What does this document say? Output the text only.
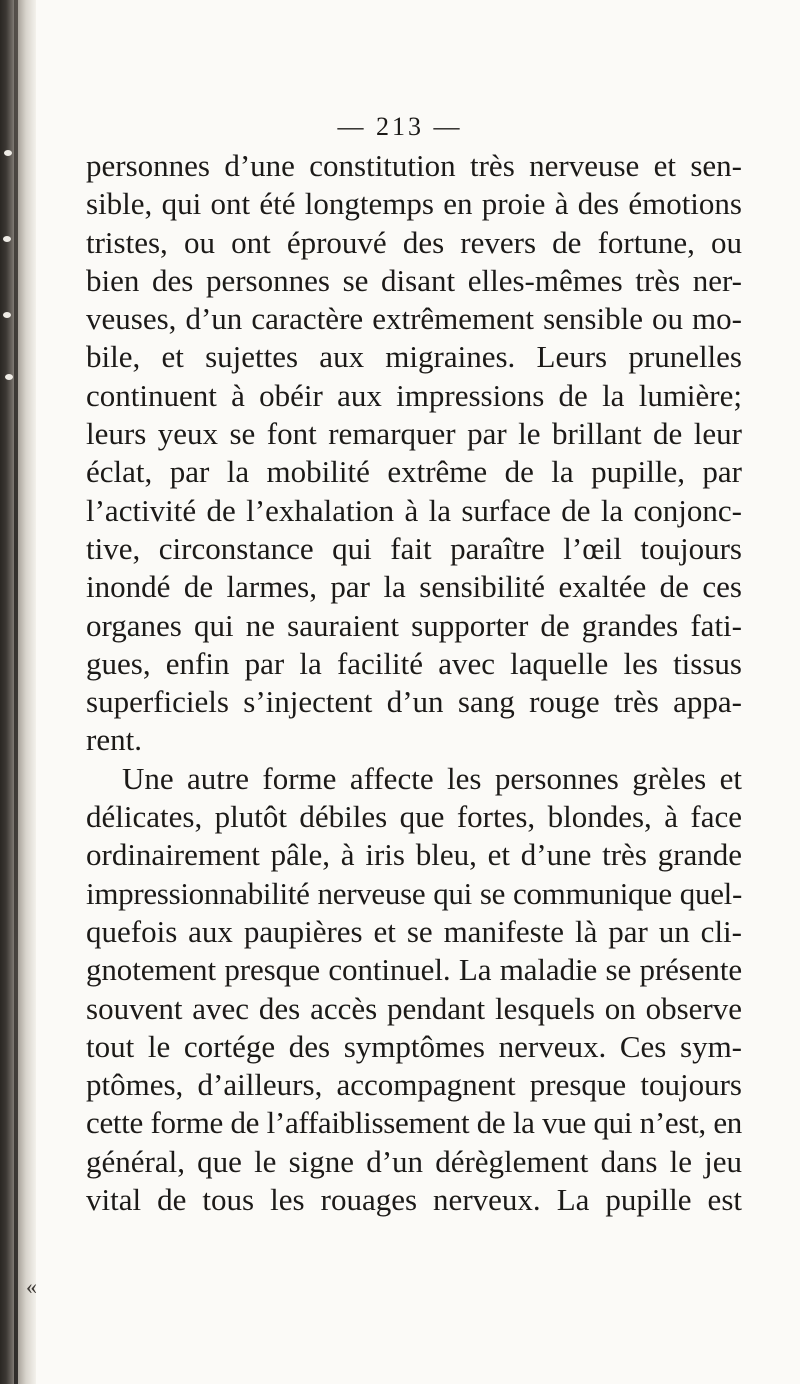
— 213 —
personnes d’une constitution très nerveuse et sen-
sible, qui ont été longtemps en proie à des émotions
tristes, ou ont éprouvé des revers de fortune, ou
bien des personnes se disant elles-mêmes très ner-
veuses, d’un caractère extrêmement sensible ou mo-
bile, et sujettes aux migraines. Leurs prunelles
continuent à obéir aux impressions de la lumière;
leurs yeux se font remarquer par le brillant de leur
éclat, par la mobilité extrême de la pupille, par
l’activité de l’exhalation à la surface de la conjonc-
tive, circonstance qui fait paraître l’œil toujours
inondé de larmes, par la sensibilité exaltée de ces
organes qui ne sauraient supporter de grandes fati-
gues, enfin par la facilité avec laquelle les tissus
superficiels s’injectent d’un sang rouge très appa-
rent.
Une autre forme affecte les personnes grèles et
délicates, plutôt débiles que fortes, blondes, à face
ordinairement pâle, à iris bleu, et d’une très grande
impressionnabilité nerveuse qui se communique quel-
quefois aux paupières et se manifeste là par un cli-
gnotement presque continuel. La maladie se présente
souvent avec des accès pendant lesquels on observe
tout le cortége des symptômes nerveux. Ces sym-
ptômes, d’ailleurs, accompagnent presque toujours
cette forme de l’affaiblissement de la vue qui n’est, en
général, que le signe d’un dérèglement dans le jeu
vital de tous les rouages nerveux. La pupille est
«
